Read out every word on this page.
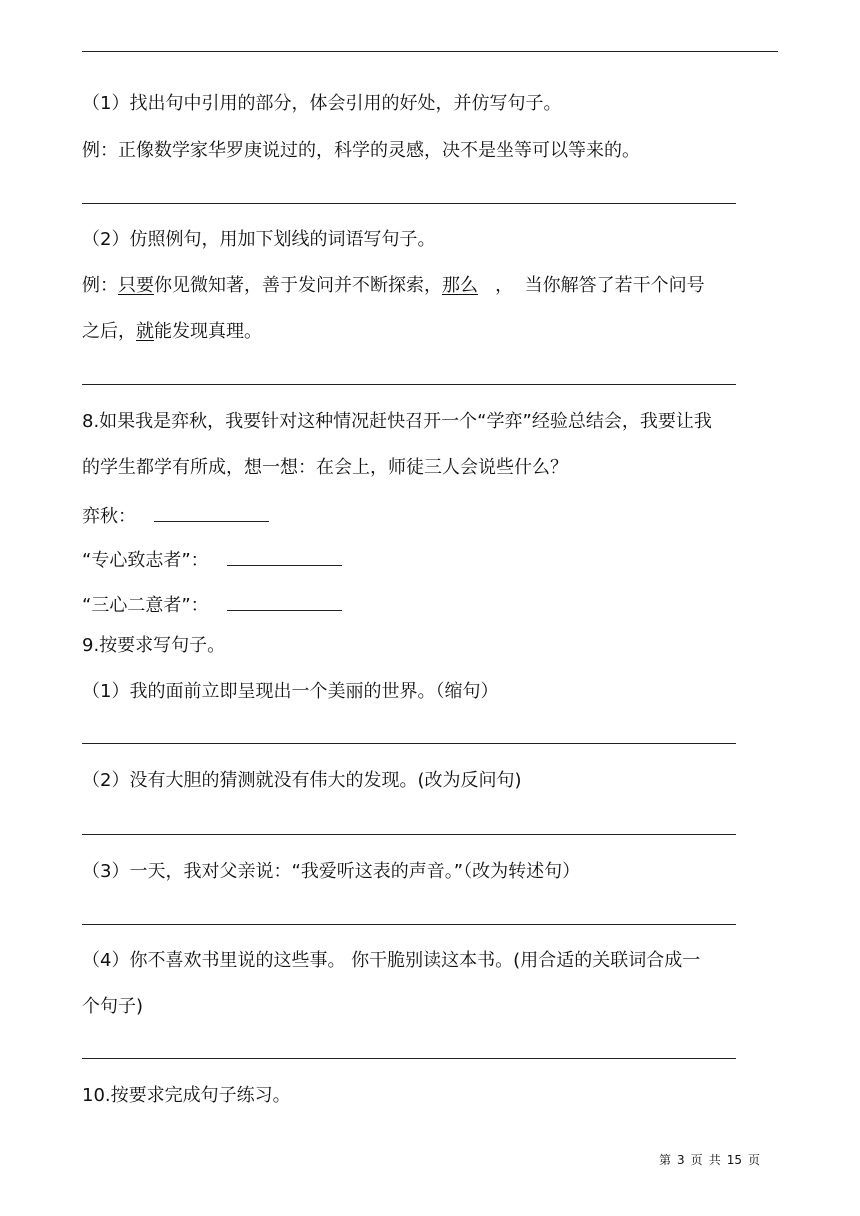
（1）找出句中引用的部分，体会引用的好处，并仿写句子。
例：正像数学家华罗庚说过的，科学的灵感，决不是坐等可以等来的。
（2）仿照例句，用加下划线的词语写句子。
例：只要你见微知著，善于发问并不断探索，那么   ，  当你解答了若干个问号
之后，就能发现真理。
8.如果我是弈秋，我要针对这种情况赶快召开一个“学弈”经验总结会，我要让我
的学生都学有所成，想一想：在会上，师徒三人会说些什么？
弈秋：
“专心致志者”：
“三心二意者”：
9.按要求写句子。
（1）我的面前立即呈现出一个美丽的世界。（缩句）
（2）没有大胆的猜测就没有伟大的发现。(改为反问句)
（3）一天，我对父亲说：“我爱听这表的声音。”（改为转述句）
（4）你不喜欢书里说的这些事。 你干脆别读这本书。(用合适的关联词合成一
个句子)
10.按要求完成句子练习。
第 3 页 共 15 页
